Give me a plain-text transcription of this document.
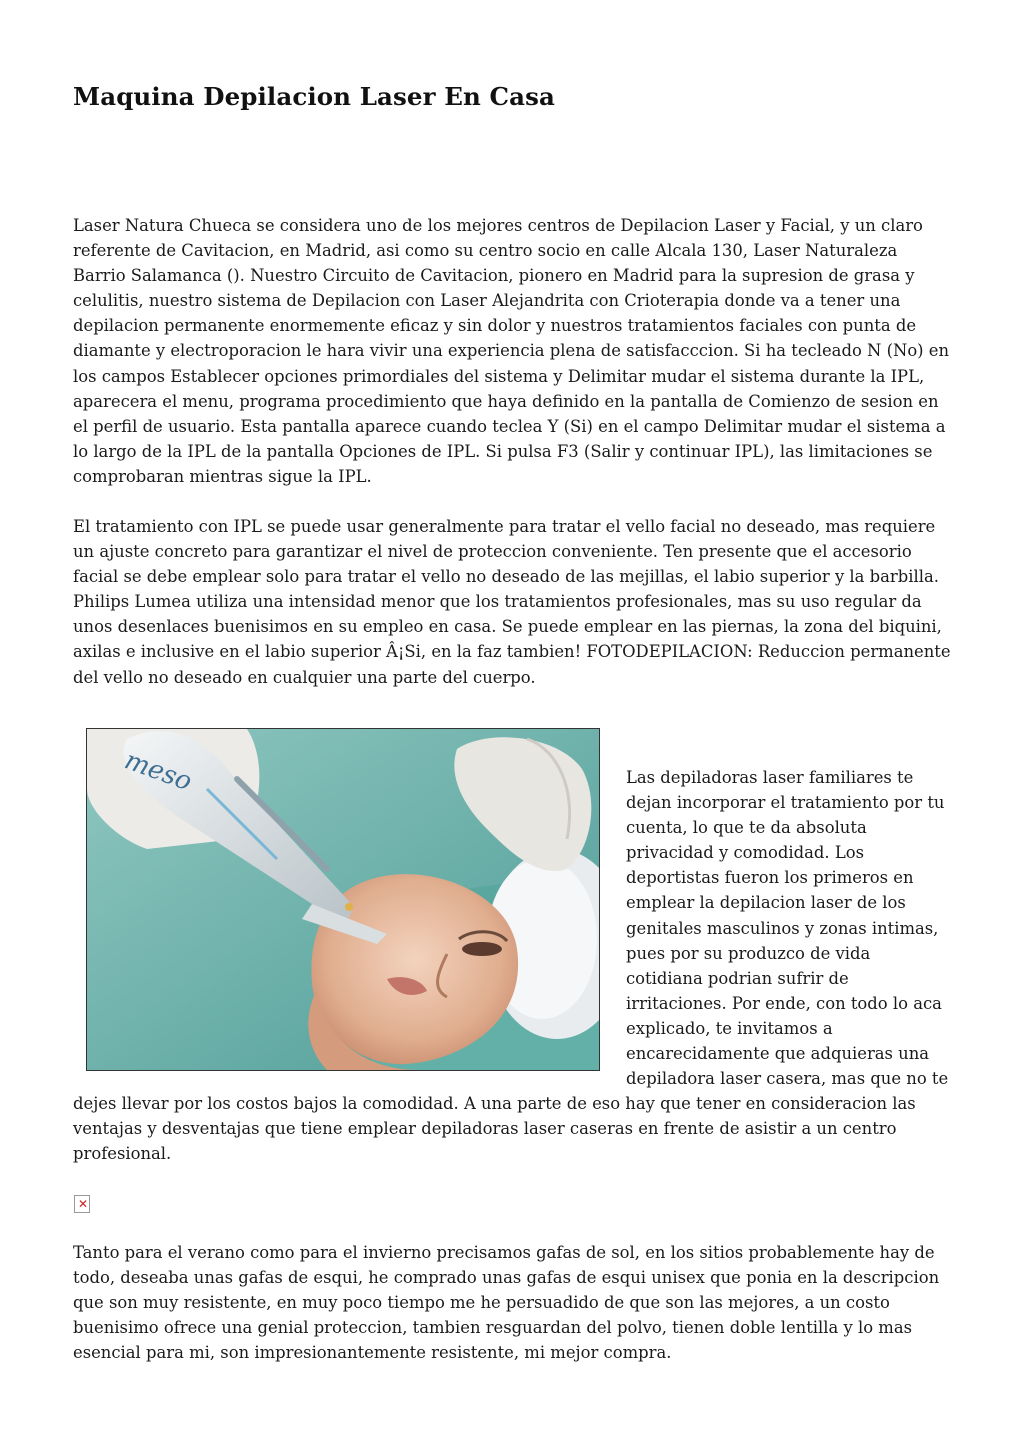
Maquina Depilacion Laser En Casa

Laser Natura Chueca se considera uno de los mejores centros de Depilacion Laser y Facial, y un claro referente de Cavitacion, en Madrid, asi como su centro socio en calle Alcala 130, Laser Naturaleza Barrio Salamanca (). Nuestro Circuito de Cavitacion, pionero en Madrid para la supresion de grasa y celulitis, nuestro sistema de Depilacion con Laser Alejandrita con Crioterapia donde va a tener una depilacion permanente enormemente eficaz y sin dolor y nuestros tratamientos faciales con punta de diamante y electroporacion le hara vivir una experiencia plena de satisfacccion. Si ha tecleado N (No) en los campos Establecer opciones primordiales del sistema y Delimitar mudar el sistema durante la IPL, aparecera el menu, programa procedimiento que haya definido en la pantalla de Comienzo de sesion en el perfil de usuario. Esta pantalla aparece cuando teclea Y (Si) en el campo Delimitar mudar el sistema a lo largo de la IPL de la pantalla Opciones de IPL. Si pulsa F3 (Salir y continuar IPL), las limitaciones se comprobaran mientras sigue la IPL.

El tratamiento con IPL se puede usar generalmente para tratar el vello facial no deseado, mas requiere un ajuste concreto para garantizar el nivel de proteccion conveniente. Ten presente que el accesorio facial se debe emplear solo para tratar el vello no deseado de las mejillas, el labio superior y la barbilla. Philips Lumea utiliza una intensidad menor que los tratamientos profesionales, mas su uso regular da unos desenlaces buenisimos en su empleo en casa. Se puede emplear en las piernas, la zona del biquini, axilas e inclusive en el labio superior Â¡Si, en la faz tambien! FOTODEPILACION: Reduccion permanente del vello no deseado en cualquier una parte del cuerpo.

meso	Las depiladoras laser familiares te dejan incorporar el tratamiento por tu cuenta, lo que te da absoluta privacidad y comodidad. Los deportistas fueron los primeros en emplear la depilacion laser de los genitales masculinos y zonas intimas, pues por su produzco de vida cotidiana podrian sufrir de irritaciones. Por ende, con todo lo aca explicado, te invitamos a encarecidamente que adquieras una depiladora laser casera, mas que no te dejes llevar por los costos bajos la comodidad. A una parte de eso hay que tener en consideracion las ventajas y desventajas que tiene emplear depiladoras laser caseras en frente de asistir a un centro profesional.

Tanto para el verano como para el invierno precisamos gafas de sol, en los sitios probablemente hay de todo, deseaba unas gafas de esqui, he comprado unas gafas de esqui unisex que ponia en la descripcion que son muy resistente, en muy poco tiempo me he persuadido de que son las mejores, a un costo buenisimo ofrece una genial proteccion, tambien resguardan del polvo, tienen doble lentilla y lo mas esencial para mi, son impresionantemente resistente, mi mejor compra.

✕
